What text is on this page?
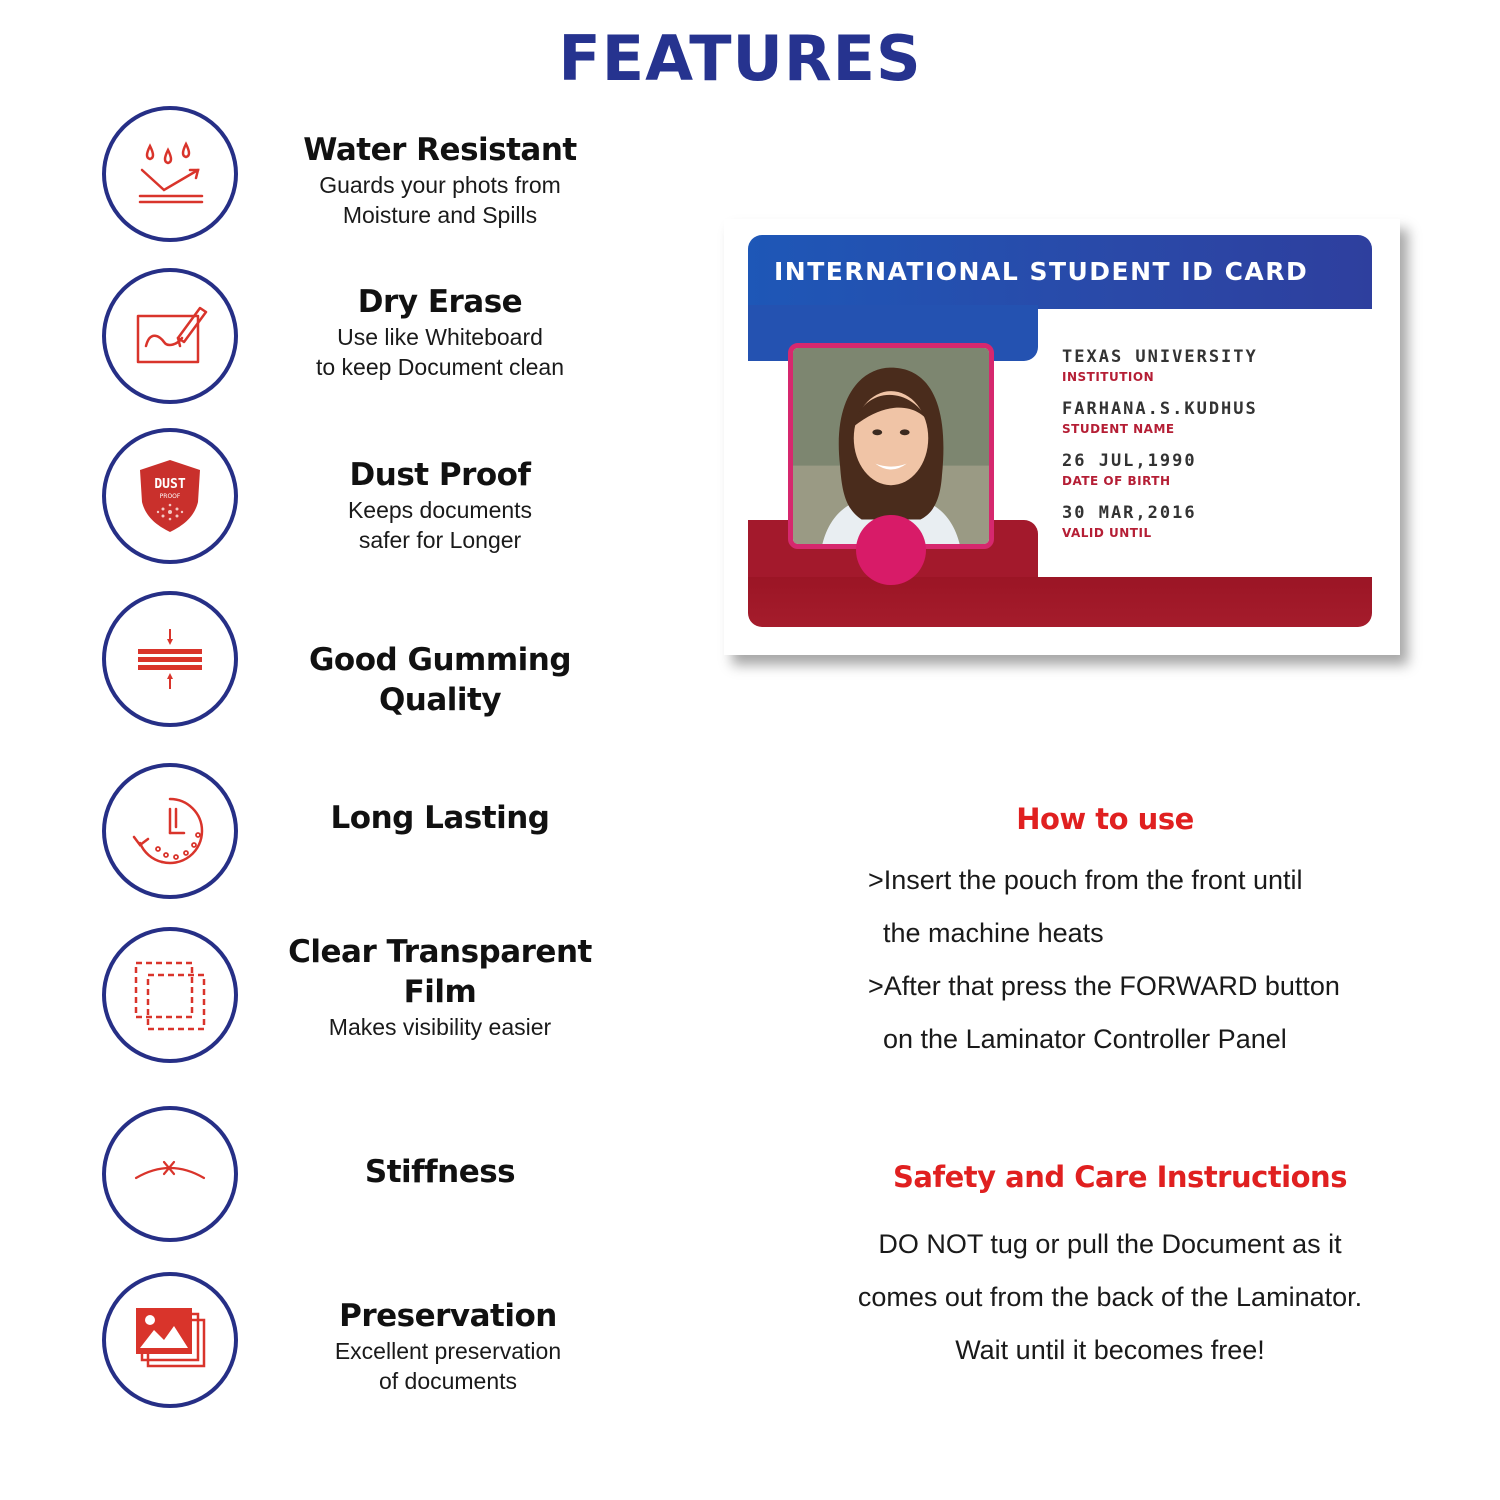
FEATURES
Water Resistant
Guards your phots from
Moisture and Spills
Dry Erase
Use like Whiteboard
to keep Document clean
DUST
PROOF
Dust Proof
Keeps documents
safer for Longer
Good Gumming
Quality
Long Lasting
Clear Transparent
Film
Makes visibility easier
Stiffness
Preservation
Excellent preservation
of documents
INTERNATIONAL STUDENT ID CARD
TEXAS UNIVERSITY
INSTITUTION
FARHANA.S.KUDHUS
STUDENT NAME
26 JUL,1990
DATE OF BIRTH
30 MAR,2016
VALID UNTIL
How to use
>Insert the pouch from the front until
the machine heats
>After that press the FORWARD button
on the Laminator Controller Panel
Safety and Care Instructions
DO NOT tug or pull the Document as it
comes out from the back of the Laminator.
Wait until it becomes free!
